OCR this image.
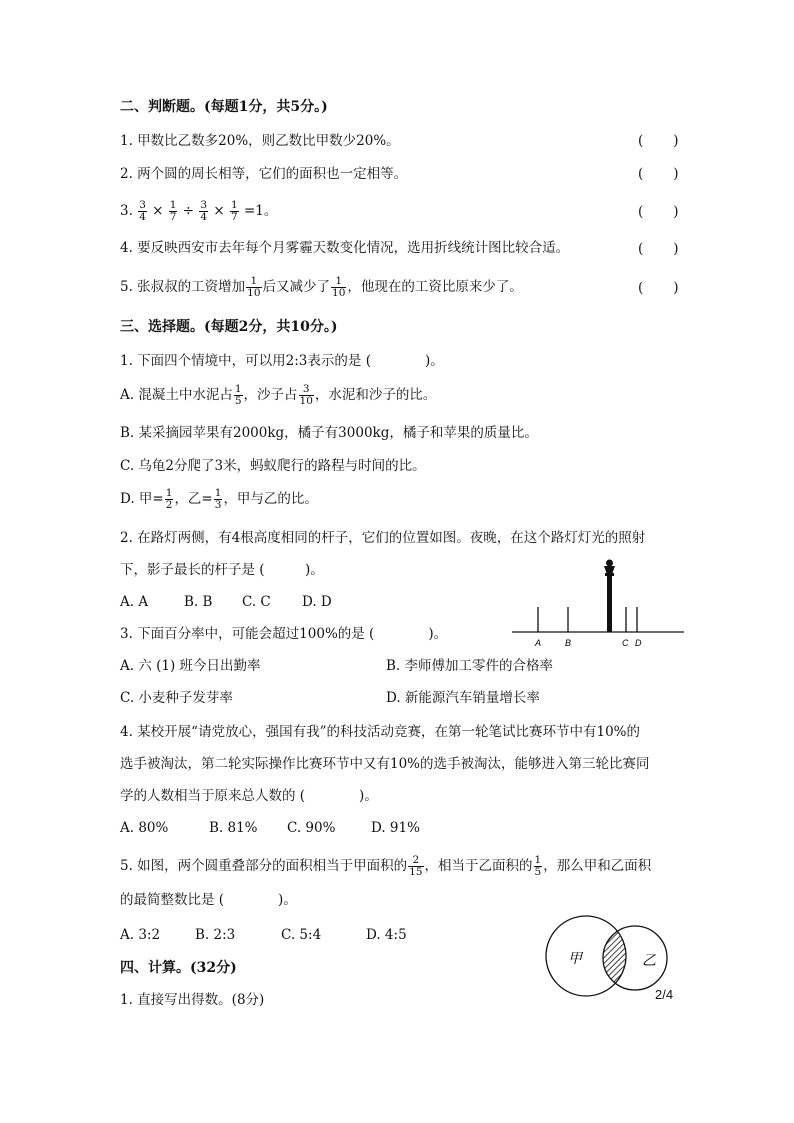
二、判断题。(每题1分，共5分。)
1. 甲数比乙数多20%，则乙数比甲数少20%。	(　　)
2. 两个圆的周长相等，它们的面积也一定相等。	(　　)
3. $\frac{3}{4} \times \frac{1}{7} \div \frac{3}{4} \times \frac{1}{7} =1$。	(　　)
4. 要反映西安市去年每个月雾霾天数变化情况，选用折线统计图比较合适。	(　　)
5. 张叔叔的工资增加 $\frac{1}{10}$ 后又减少了 $\frac{1}{10}$ ，他现在的工资比原来少了。	(　　)
三、选择题。(每题2分，共10分。)
1. 下面四个情境中，可以用2:3表示的是 (　　　　)。
A. 混凝土中水泥占 $\frac{1}{5}$ ，沙子占 $\frac{3}{10}$ ，水泥和沙子的比。
B. 某采摘园苹果有2000kg，橘子有3000kg，橘子和苹果的质量比。
C. 乌龟2分爬了3米，蚂蚁爬行的路程与时间的比。
D. 甲= $\frac{1}{2}$ ，乙= $\frac{1}{3}$ ，甲与乙的比。
2. 在路灯两侧，有4根高度相同的杆子，它们的位置如图。夜晚，在这个路灯灯光的照射
下，影子最长的杆子是 (　　　)。
A. A	B. B C. C D. D
A	B	C D
3. 下面百分率中，可能会超过100%的是 (　　　　)。
A. 六 (1) 班今日出勤率	B. 李师傅加工零件的合格率
C. 小麦种子发芽率	D. 新能源汽车销量增长率
4. 某校开展“请党放心，强国有我”的科技活动竞赛，在第一轮笔试比赛环节中有10%的
选手被淘汰，第二轮实际操作比赛环节中又有10%的选手被淘汰，能够进入第三轮比赛同
学的人数相当于原来总人数的 (　　　　)。
A. 80%	B. 81% C. 90%	D. 91%
5. 如图，两个圆重叠部分的面积相当于甲面积的 $\frac{2}{15}$ ，相当于乙面积的 $\frac{1}{5}$ ，那么甲和乙面积
的最简整数比是 (　　　　)。
A. 3:2	B. 2:3	C. 5:4	D. 4:5
甲	乙
四、计算。(32分)
1. 直接写出得数。(8分)	2/4
